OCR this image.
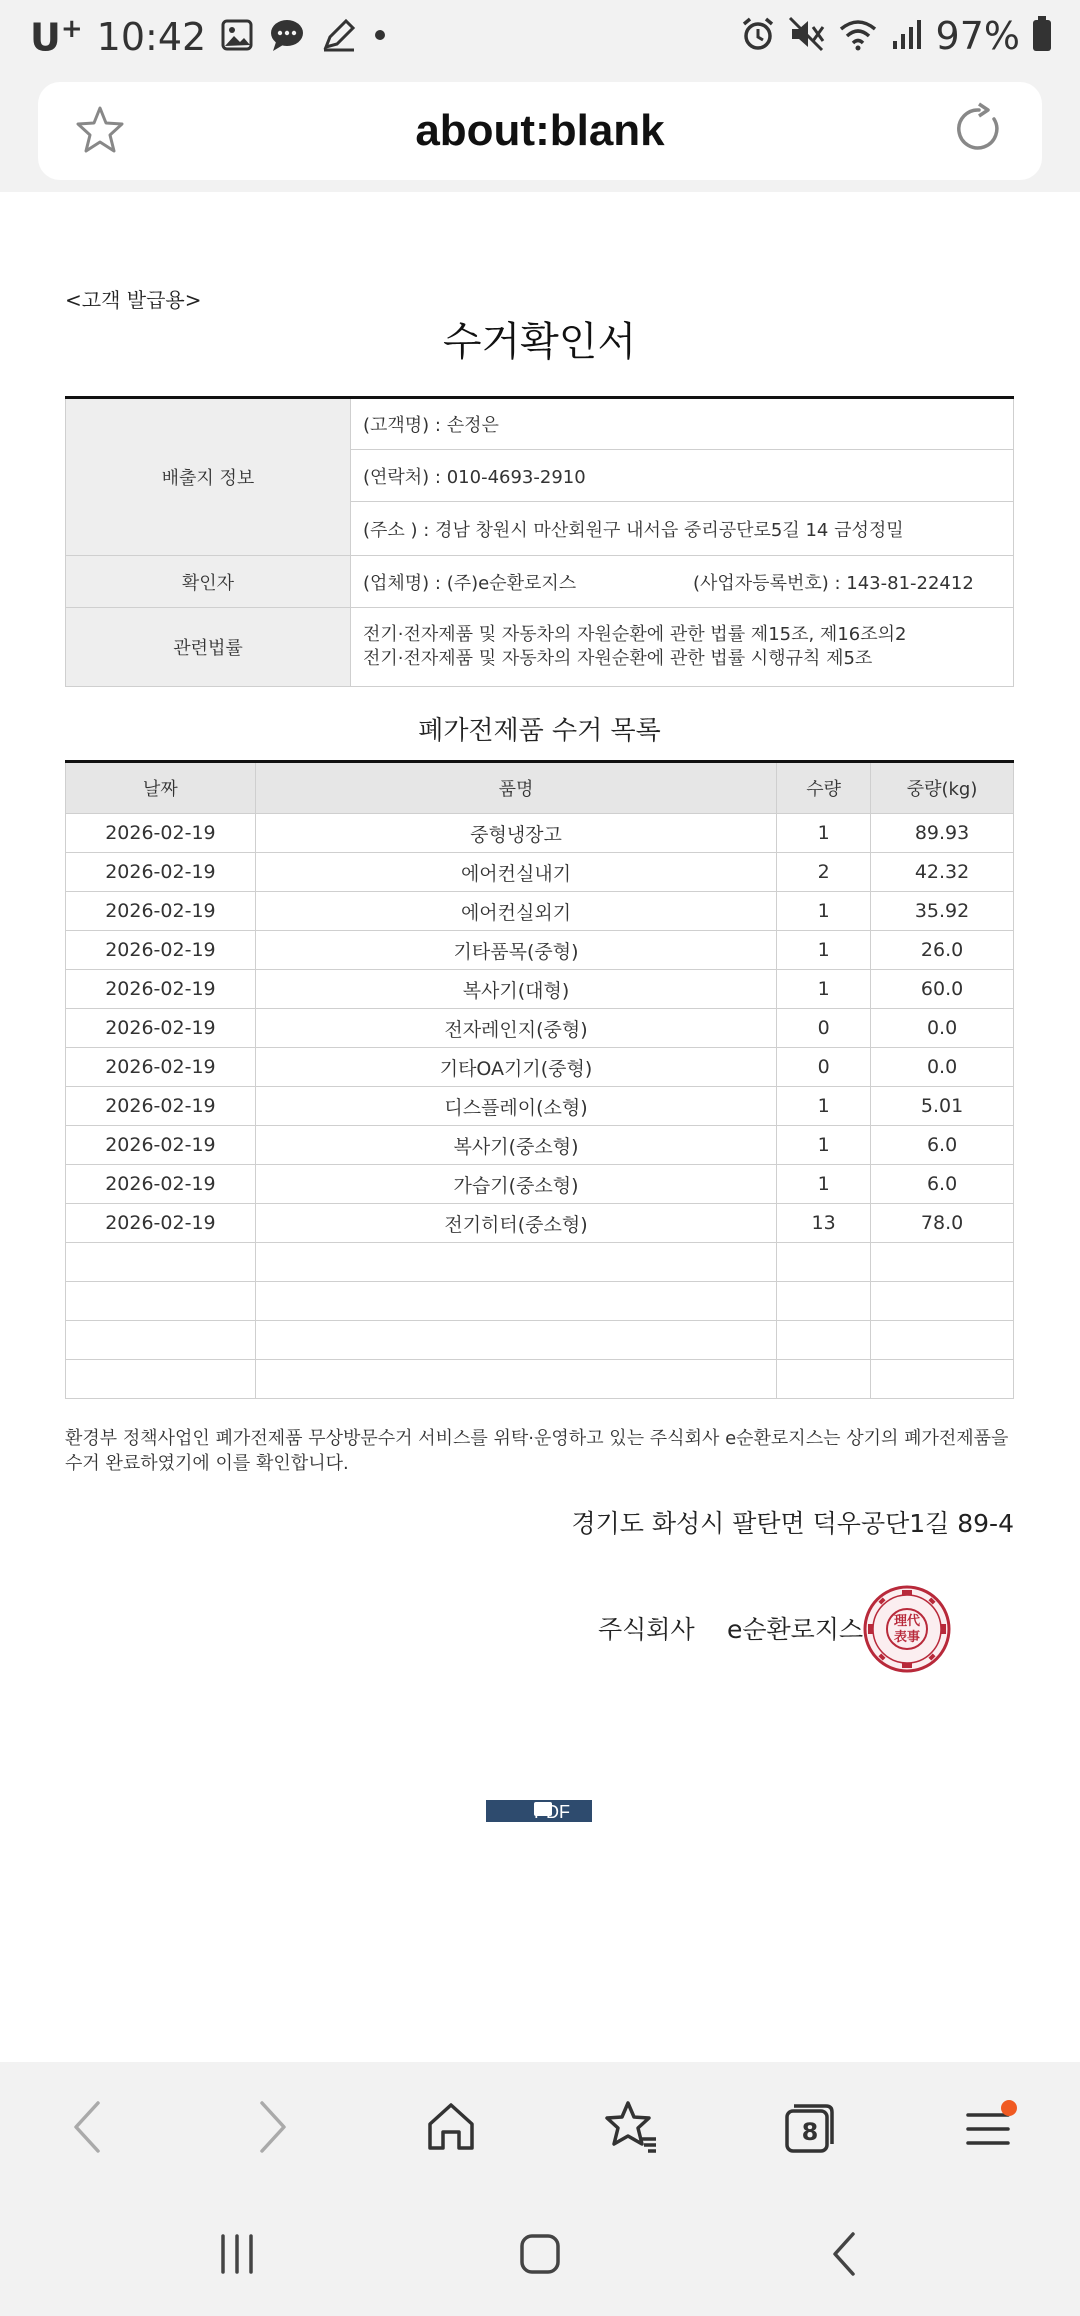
U+ 10:42	97%
about:blank
<고객 발급용>
수거확인서
배출지 정보	(고객명) : 손정은
	(연락처) : 010-4693-2910
	(주소 ) : 경남 창원시 마산회원구 내서읍 중리공단로5길 14 금성정밀
확인자	(업체명) : (주)e순환로지스 (사업자등록번호) : 143-81-22412

관련법률	전기·전자제품 및 자동차의 자원순환에 관한 법률 제15조, 제16조의2
전기·전자제품 및 자동차의 자원순환에 관한 법률 시행규칙 제5조
폐가전제품 수거 목록
날짜	품명	수량	중량(kg)
2026-02-19	중형냉장고	1	89.93
2026-02-19	에어컨실내기	2	42.32
2026-02-19	에어컨실외기	1	35.92
2026-02-19	기타품목(중형)	1	26.0
2026-02-19	복사기(대형)	1	60.0
2026-02-19	전자레인지(중형)	0	0.0
2026-02-19	기타OA기기(중형)	0	0.0
2026-02-19	디스플레이(소형)	1	5.01
2026-02-19	복사기(중소형)	1	6.0
2026-02-19	가습기(중소형)	1	6.0
2026-02-19	전기히터(중소형)	13	78.0

환경부 정책사업인 폐가전제품 무상방문수거 서비스를 위탁·운영하고 있는 주식회사 e순환로지스는 상기의 폐가전제품을 수거 완료하였기에 이를 확인합니다.
경기도 화성시 팔탄면 덕우공단1길 89-4
주식회사 e순환로지스 理代
表事
PDF
8
